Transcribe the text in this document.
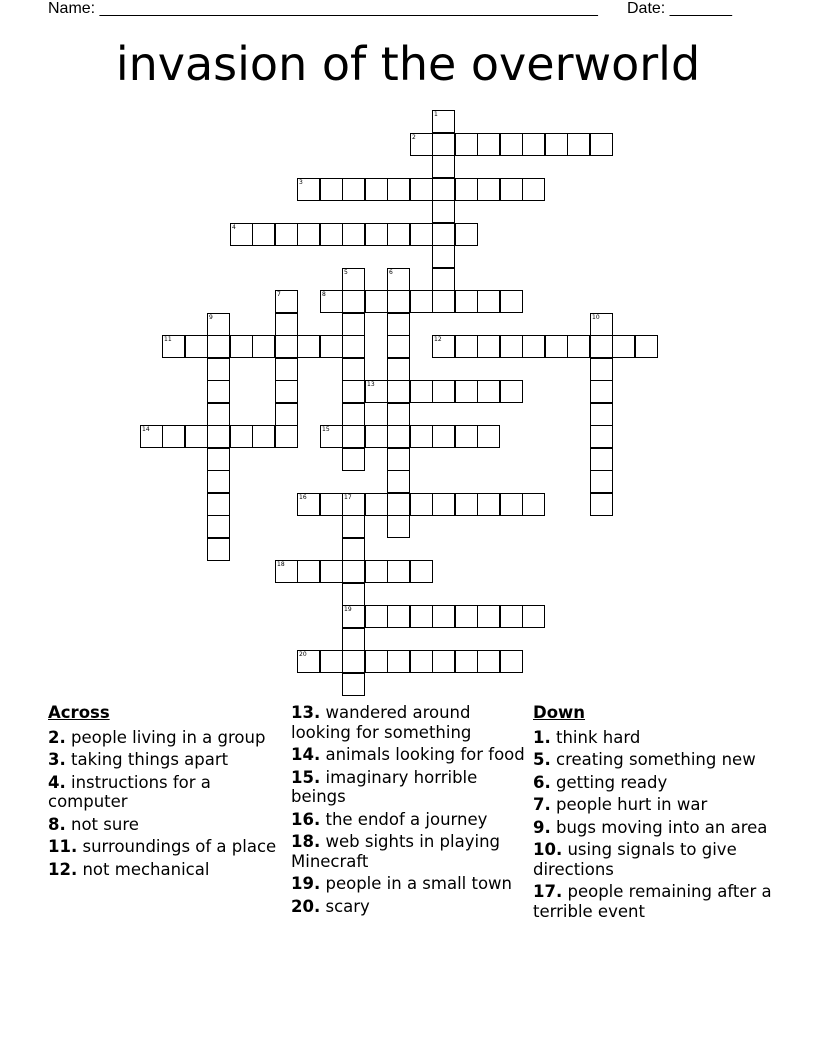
Name: ________________________________________________________ Date: _______
invasion of the overworld
1
2
3
4
5	6
7	8
9	10
11	12
13
14	15
16	17
19
18
20
Across
2. people living in a group
3. taking things apart
4. instructions for a computer
8. not sure
11. surroundings of a place
12. not mechanical
13. wandered around looking for something
14. animals looking for food
15. imaginary horrible beings
16. the endof a journey
18. web sights in playing Minecraft
19. people in a small town
20. scary
Down
1. think hard
5. creating something new
6. getting ready
7. people hurt in war
9. bugs moving into an area
10. using signals to give directions
17. people remaining after a terrible event
